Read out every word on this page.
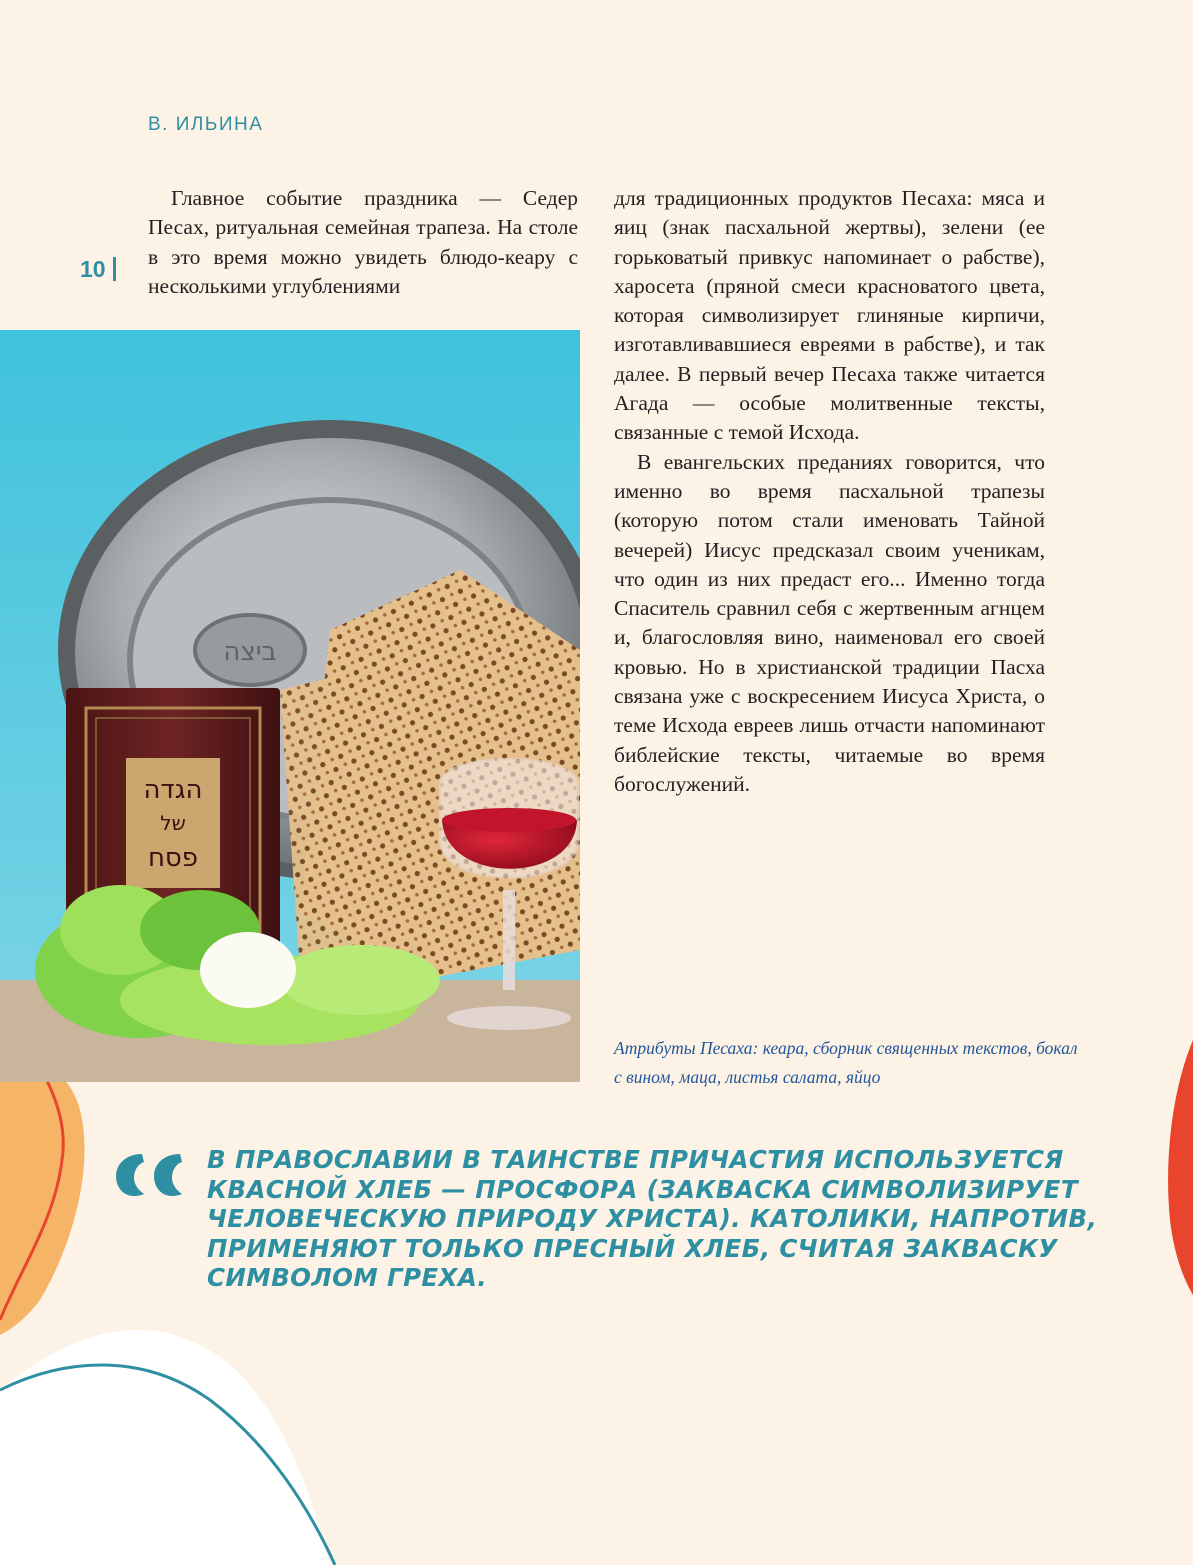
В. ИЛЬИНА
10

Главное событие праздника — Седер Песах, ритуальная семейная трапеза. На столе в это время можно увидеть блюдо-кеару с несколькими углублениями

для традиционных продуктов Песаха: мяса и яиц (знак пасхальной жертвы), зелени (ее горьковатый привкус напоминает о рабстве), харосета (пряной смеси красноватого цвета, которая символизирует глиняные кирпичи, изготавливавшиеся евреями в рабстве), и так далее. В первый вечер Песаха также читается Агада — особые молитвенные тексты, связанные с темой Исхода.

В евангельских преданиях говорится, что именно во время пасхальной трапезы (которую потом стали именовать Тайной вечерей) Иисус предсказал своим ученикам, что один из них предаст его... Именно тогда Спаситель сравнил себя с жертвенным агнцем и, благословляя вино, наименовал его своей кровью. Но в христианской традиции Пасха связана уже с воскресением Иисуса Христа, о теме Исхода евреев лишь отчасти напоминают библейские тексты, читаемые во время богослужений.

ביצה
הגדה
של
פסח
Атрибуты Песаха: кеара, сборник священных текстов, бокал с вином, маца, листья салата, яйцо
В ПРАВОСЛАВИИ В ТАИНСТВЕ ПРИЧАСТИЯ ИСПОЛЬЗУЕТСЯ КВАСНОЙ ХЛЕБ — ПРОСФОРА (ЗАКВАСКА СИМВОЛИЗИРУЕТ ЧЕЛОВЕЧЕСКУЮ ПРИРОДУ ХРИСТА). КАТОЛИКИ, НАПРОТИВ, ПРИМЕНЯЮТ ТОЛЬКО ПРЕСНЫЙ ХЛЕБ, СЧИТАЯ ЗАКВАСКУ СИМВОЛОМ ГРЕХА.
